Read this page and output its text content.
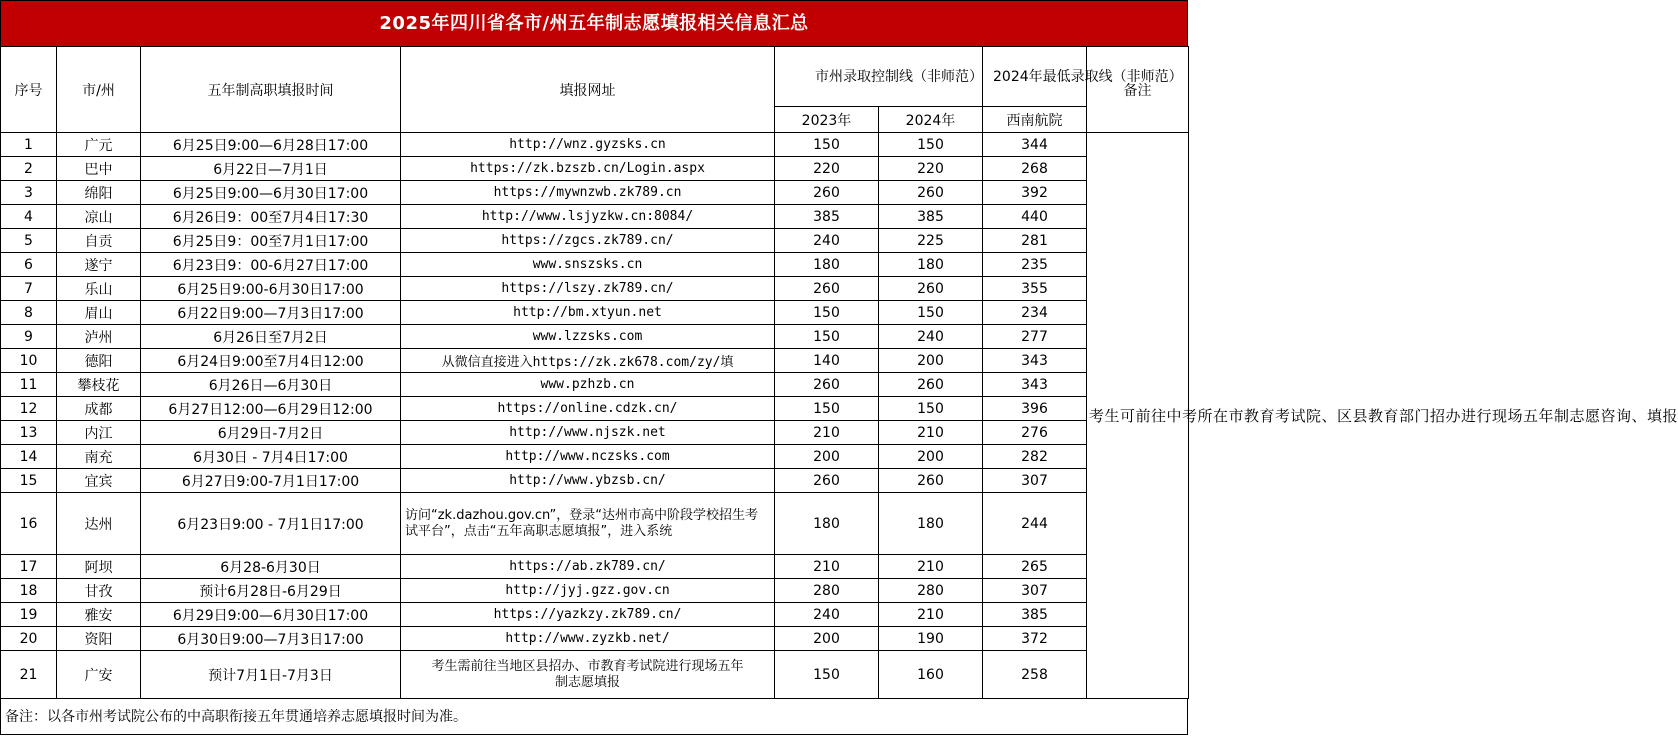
2025年四川省各市/州五年制志愿填报相关信息汇总
序号	市/州	五年制高职填报时间	填报网址	市州录取控制线（非师范）		2024年最低录取线（非师范）	备注
				2023年	2024年	西南航院	
1	广元	6月25日9:00—6月28日17:00	http://wnz.gyzsks.cn	150	150	344	考生可前往中考所在市教育考试院、区县教育部门招办进行现场五年制志愿咨询、填报
2	巴中	6月22日—7月1日	https://zk.bzszb.cn/Login.aspx	220	220	268	
3	绵阳	6月25日9:00—6月30日17:00	https://mywnzwb.zk789.cn	260	260	392	
4	凉山	6月26日9：00至7月4日17:30	http://www.lsjyzkw.cn:8084/	385	385	440	
5	自贡	6月25日9：00至7月1日17:00	https://zgcs.zk789.cn/	240	225	281	
6	遂宁	6月23日9：00-6月27日17:00	www.snszsks.cn	180	180	235	
7	乐山	6月25日9:00-6月30日17:00	https://lszy.zk789.cn/	260	260	355	
8	眉山	6月22日9:00—7月3日17:00	http://bm.xtyun.net	150	150	234	
9	泸州	6月26日至7月2日	www.lzzsks.com	150	240	277	
10	德阳	6月24日9:00至7月4日12:00	从微信直接进入https://zk.zk678.com/zy/填	140	200	343	
11	攀枝花	6月26日—6月30日	www.pzhzb.cn	260	260	343	
12	成都	6月27日12:00—6月29日12:00	https://online.cdzk.cn/	150	150	396	
13	内江	6月29日-7月2日	http://www.njszk.net	210	210	276	
14	南充	6月30日 - 7月4日17:00	http://www.nczsks.com	200	200	282	
15	宜宾	6月27日9:00-7月1日17:00	http://www.ybzsb.cn/	260	260	307	
16	达州	6月23日9:00 - 7月1日17:00	访问“zk.dazhou.gov.cn”，登录“达州市高中阶段学校招生考试平台”，点击“五年高职志愿填报”，进入系统	180	180	244	
17	阿坝	6月28-6月30日	https://ab.zk789.cn/	210	210	265	
18	甘孜	预计6月28日-6月29日	http://jyj.gzz.gov.cn	280	280	307	
19	雅安	6月29日9:00—6月30日17:00	https://yazkzy.zk789.cn/	240	210	385	
20	资阳	6月30日9:00—7月3日17:00	http://www.zyzkb.net/	200	190	372	
21	广安	预计7月1日-7月3日	考生需前往当地区县招办、市教育考试院进行现场五年制志愿填报	150	160	258	
备注：以各市州考试院公布的中高职衔接五年贯通培养志愿填报时间为准。
